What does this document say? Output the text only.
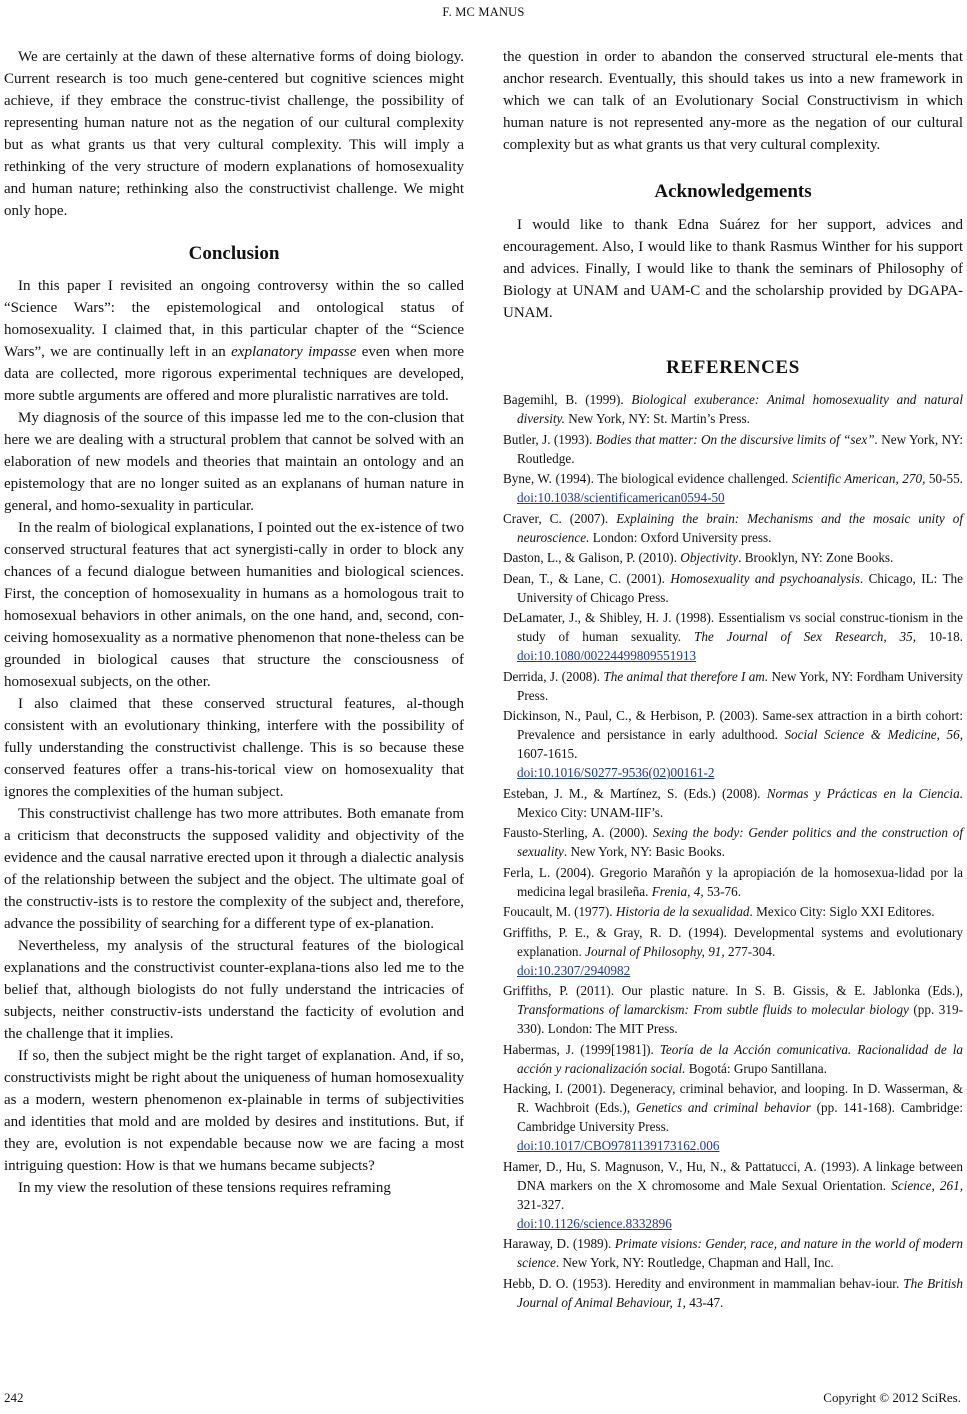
F. MC MANUS

We are certainly at the dawn of these alternative forms of doing biology. Current research is too much gene-centered but cognitive sciences might achieve, if they embrace the construc-tivist challenge, the possibility of representing human nature not as the negation of our cultural complexity but as what grants us that very cultural complexity. This will imply a rethinking of the very structure of modern explanations of homosexuality and human nature; rethinking also the constructivist challenge. We might only hope.

Conclusion

In this paper I revisited an ongoing controversy within the so called “Science Wars”: the epistemological and ontological status of homosexuality. I claimed that, in this particular chapter of the “Science Wars”, we are continually left in an explanatory impasse even when more data are collected, more rigorous experimental techniques are developed, more subtle arguments are offered and more pluralistic narratives are told.

My diagnosis of the source of this impasse led me to the con-clusion that here we are dealing with a structural problem that cannot be solved with an elaboration of new models and theories that maintain an ontology and an epistemology that are no longer suited as an explanans of human nature in general, and homo-sexuality in particular.

In the realm of biological explanations, I pointed out the ex-istence of two conserved structural features that act synergisti-cally in order to block any chances of a fecund dialogue between humanities and biological sciences. First, the conception of homosexuality in humans as a homologous trait to homosexual behaviors in other animals, on the one hand, and, second, con-ceiving homosexuality as a normative phenomenon that none-theless can be grounded in biological causes that structure the consciousness of homosexual subjects, on the other.

I also claimed that these conserved structural features, al-though consistent with an evolutionary thinking, interfere with the possibility of fully understanding the constructivist challenge. This is so because these conserved features offer a trans-his-torical view on homosexuality that ignores the complexities of the human subject.

This constructivist challenge has two more attributes. Both emanate from a criticism that deconstructs the supposed validity and objectivity of the evidence and the causal narrative erected upon it through a dialectic analysis of the relationship between the subject and the object. The ultimate goal of the constructiv-ists is to restore the complexity of the subject and, therefore, advance the possibility of searching for a different type of ex-planation.

Nevertheless, my analysis of the structural features of the biological explanations and the constructivist counter-explana-tions also led me to the belief that, although biologists do not fully understand the intricacies of subjects, neither constructiv-ists understand the facticity of evolution and the challenge that it implies.

If so, then the subject might be the right target of explanation. And, if so, constructivists might be right about the uniqueness of human homosexuality as a modern, western phenomenon ex-plainable in terms of subjectivities and identities that mold and are molded by desires and institutions. But, if they are, evolution is not expendable because now we are facing a most intriguing question: How is that we humans became subjects?

In my view the resolution of these tensions requires reframing

the question in order to abandon the conserved structural ele-ments that anchor research. Eventually, this should takes us into a new framework in which we can talk of an Evolutionary Social Constructivism in which human nature is not represented any-more as the negation of our cultural complexity but as what grants us that very cultural complexity.

Acknowledgements

I would like to thank Edna Suárez for her support, advices and encouragement. Also, I would like to thank Rasmus Winther for his support and advices. Finally, I would like to thank the seminars of Philosophy of Biology at UNAM and UAM-C and the scholarship provided by DGAPA-UNAM.

REFERENCES
Bagemihl, B. (1999). Biological exuberance: Animal homosexuality and natural diversity. New York, NY: St. Martin’s Press.
Butler, J. (1993). Bodies that matter: On the discursive limits of “sex”. New York, NY: Routledge.
Byne, W. (1994). The biological evidence challenged. Scientific American, 270, 50-55. doi:10.1038/scientificamerican0594-50
Craver, C. (2007). Explaining the brain: Mechanisms and the mosaic unity of neuroscience. London: Oxford University press.
Daston, L., & Galison, P. (2010). Objectivity. Brooklyn, NY: Zone Books.
Dean, T., & Lane, C. (2001). Homosexuality and psychoanalysis. Chicago, IL: The University of Chicago Press.
DeLamater, J., & Shibley, H. J. (1998). Essentialism vs social construc-tionism in the study of human sexuality. The Journal of Sex Research, 35, 10-18. doi:10.1080/00224499809551913
Derrida, J. (2008). The animal that therefore I am. New York, NY: Fordham University Press.
Dickinson, N., Paul, C., & Herbison, P. (2003). Same-sex attraction in a birth cohort: Prevalence and persistance in early adulthood. Social Science & Medicine, 56, 1607-1615.
doi:10.1016/S0277-9536(02)00161-2
Esteban, J. M., & Martínez, S. (Eds.) (2008). Normas y Prácticas en la Ciencia. Mexico City: UNAM-IIF’s.
Fausto-Sterling, A. (2000). Sexing the body: Gender politics and the construction of sexuality. New York, NY: Basic Books.
Ferla, L. (2004). Gregorio Marañón y la apropiación de la homosexua-lidad por la medicina legal brasileña. Frenia, 4, 53-76.
Foucault, M. (1977). Historia de la sexualidad. Mexico City: Siglo XXI Editores.
Griffiths, P. E., & Gray, R. D. (1994). Developmental systems and evolutionary explanation. Journal of Philosophy, 91, 277-304.
doi:10.2307/2940982
Griffiths, P. (2011). Our plastic nature. In S. B. Gissis, & E. Jablonka (Eds.), Transformations of lamarckism: From subtle fluids to molecular biology (pp. 319-330). London: The MIT Press.
Habermas, J. (1999[1981]). Teoría de la Acción comunicativa. Racionalidad de la acción y racionalización social. Bogotá: Grupo Santillana.
Hacking, I. (2001). Degeneracy, criminal behavior, and looping. In D. Wasserman, & R. Wachbroit (Eds.), Genetics and criminal behavior (pp. 141-168). Cambridge: Cambridge University Press.
doi:10.1017/CBO9781139173162.006
Hamer, D., Hu, S. Magnuson, V., Hu, N., & Pattatucci, A. (1993). A linkage between DNA markers on the X chromosome and Male Sexual Orientation. Science, 261, 321-327.
doi:10.1126/science.8332896
Haraway, D. (1989). Primate visions: Gender, race, and nature in the world of modern science. New York, NY: Routledge, Chapman and Hall, Inc.
Hebb, D. O. (1953). Heredity and environment in mammalian behav-iour. The British Journal of Animal Behaviour, 1, 43-47.
242	Copyright © 2012 SciRes.
